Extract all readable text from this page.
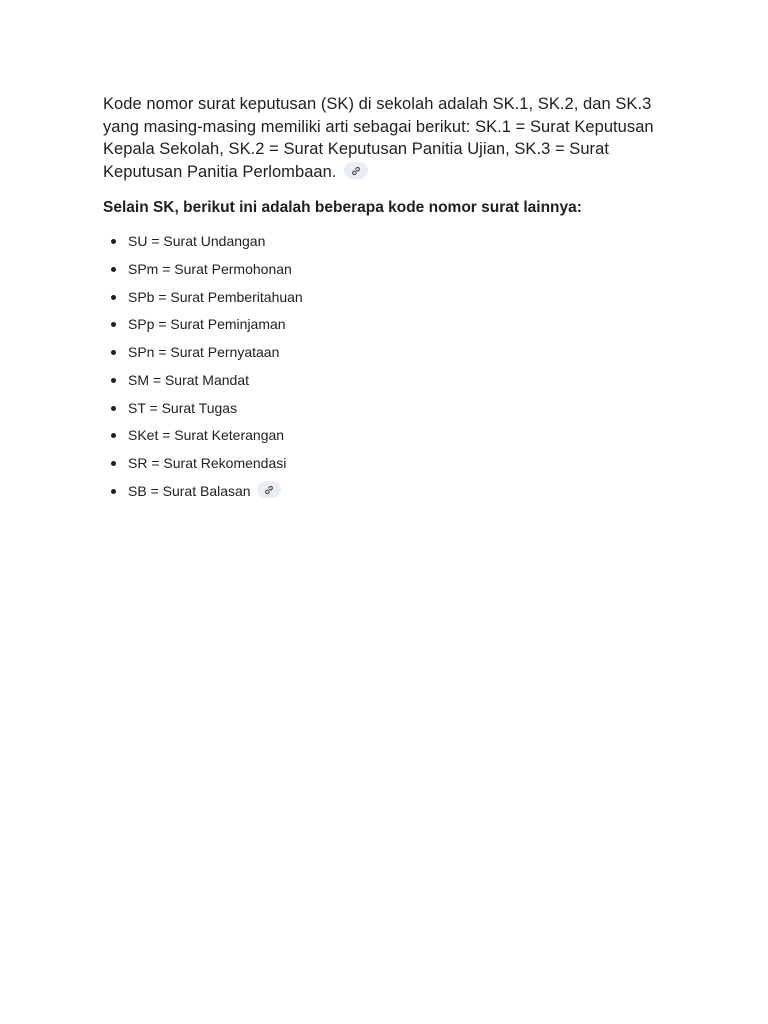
Kode nomor surat keputusan (SK) di sekolah adalah SK.1, SK.2, dan SK.3 yang masing-masing memiliki arti sebagai berikut: SK.1 = Surat Keputusan Kepala Sekolah, SK.2 = Surat Keputusan Panitia Ujian, SK.3 = Surat Keputusan Panitia Perlombaan.

Selain SK, berikut ini adalah beberapa kode nomor surat lainnya:

SU = Surat Undangan
SPm = Surat Permohonan
SPb = Surat Pemberitahuan
SPp = Surat Peminjaman
SPn = Surat Pernyataan
SM = Surat Mandat
ST = Surat Tugas
SKet = Surat Keterangan
SR = Surat Rekomendasi
SB = Surat Balasan
